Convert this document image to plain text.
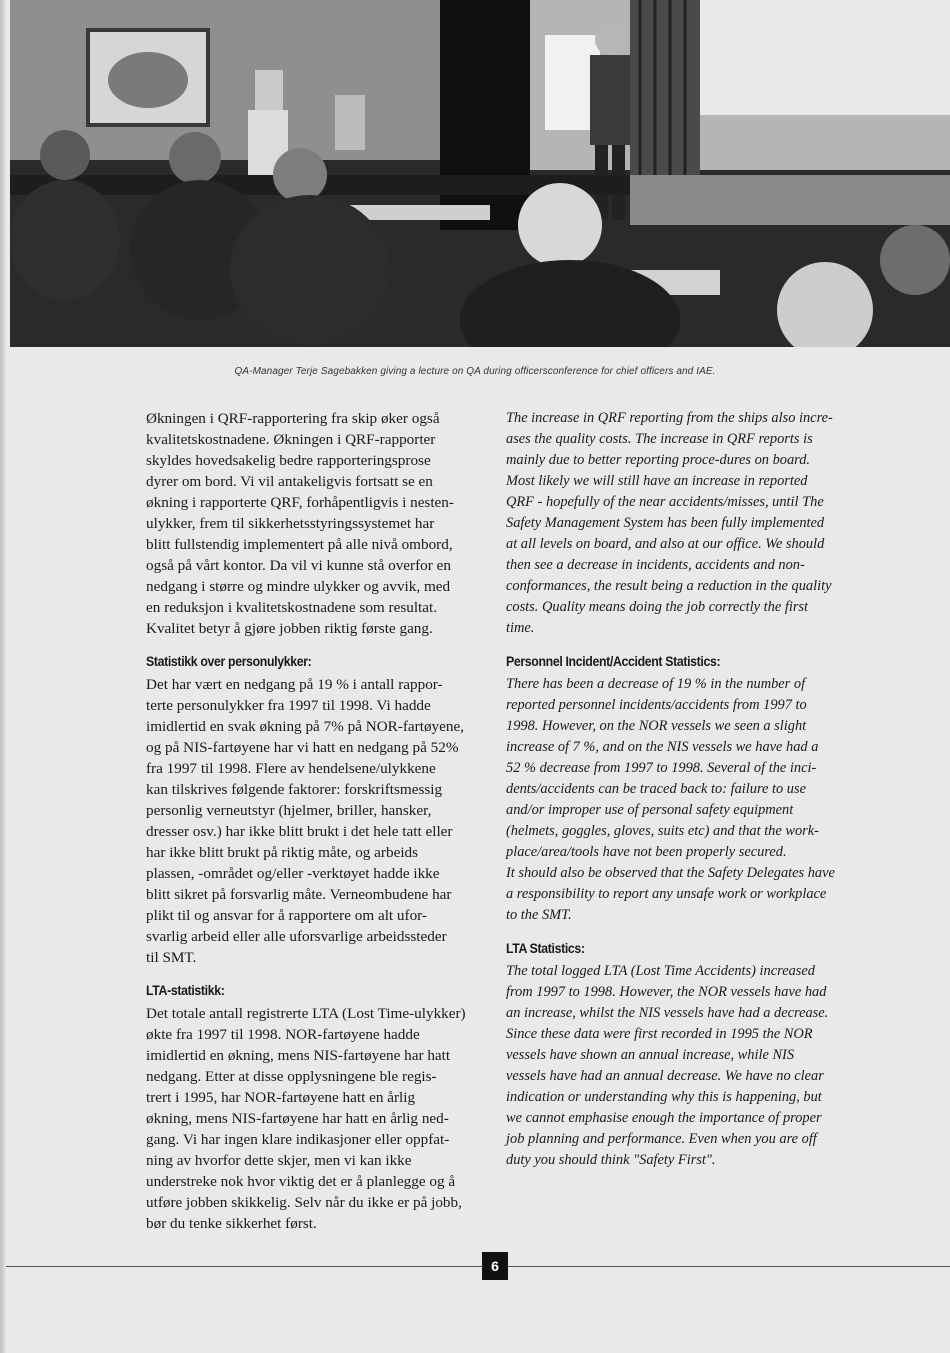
QA-Manager Terje Sagebakken giving a lecture on QA during officersconference for chief officers and IAE.

Økningen i QRF-rapportering fra skip øker også
kvalitetskostnadene. Økningen i QRF-rapporter
skyldes hovedsakelig bedre rapporteringsprose
dyrer om bord. Vi vil antakeligvis fortsatt se en
økning i rapporterte QRF, forhåpentligvis i nesten-
ulykker, frem til sikkerhetsstyringssystemet har
blitt fullstendig implementert på alle nivå ombord,
også på vårt kontor. Da vil vi kunne stå overfor en
nedgang i større og mindre ulykker og avvik, med
en reduksjon i kvalitetskostnadene som resultat.
Kvalitet betyr å gjøre jobben riktig første gang.

Statistikk over personulykker:

Det har vært en nedgang på 19 % i antall rappor-
terte personulykker fra 1997 til 1998. Vi hadde
imidlertid en svak økning på 7% på NOR-fartøyene,
og på NIS-fartøyene har vi hatt en nedgang på 52%
fra 1997 til 1998. Flere av hendelsene/ulykkene
kan tilskrives følgende faktorer: forskriftsmessig
personlig verneutstyr (hjelmer, briller, hansker,
dresser osv.) har ikke blitt brukt i det hele tatt eller
har ikke blitt brukt på riktig måte, og arbeids
plassen, -området og/eller -verktøyet hadde ikke
blitt sikret på forsvarlig måte. Verneombudene har
plikt til og ansvar for å rapportere om alt ufor-
svarlig arbeid eller alle uforsvarlige arbeidssteder
til SMT.

LTA-statistikk:

Det totale antall registrerte LTA (Lost Time-ulykker)
økte fra 1997 til 1998. NOR-fartøyene hadde
imidlertid en økning, mens NIS-fartøyene har hatt
nedgang. Etter at disse opplysningene ble regis-
trert i 1995, har NOR-fartøyene hatt en årlig
økning, mens NIS-fartøyene har hatt en årlig ned-
gang. Vi har ingen klare indikasjoner eller oppfat-
ning av hvorfor dette skjer, men vi kan ikke
understreke nok hvor viktig det er å planlegge og å
utføre jobben skikkelig. Selv når du ikke er på jobb,
bør du tenke sikkerhet først.

The increase in QRF reporting from the ships also incre-
ases the quality costs. The increase in QRF reports is
mainly due to better reporting proce-dures on board.
Most likely we will still have an increase in reported
QRF - hopefully of the near accidents/misses, until The
Safety Management System has been fully implemented
at all levels on board, and also at our office. We should
then see a decrease in incidents, accidents and non-
conformances, the result being a reduction in the quality
costs. Quality means doing the job correctly the first
time.

Personnel Incident/Accident Statistics:

There has been a decrease of 19 % in the number of
reported personnel incidents/accidents from 1997 to
1998. However, on the NOR vessels we seen a slight
increase of 7 %, and on the NIS vessels we have had a
52 % decrease from 1997 to 1998. Several of the inci-
dents/accidents can be traced back to: failure to use
and/or improper use of personal safety equipment
(helmets, goggles, gloves, suits etc) and that the work-
place/area/tools have not been properly secured.
It should also be observed that the Safety Delegates have
a responsibility to report any unsafe work or workplace
to the SMT.

LTA Statistics:

The total logged LTA (Lost Time Accidents) increased
from 1997 to 1998. However, the NOR vessels have had
an increase, whilst the NIS vessels have had a decrease.
Since these data were first recorded in 1995 the NOR
vessels have shown an annual increase, while NIS
vessels have had an annual decrease. We have no clear
indication or understanding why this is happening, but
we cannot emphasise enough the importance of proper
job planning and performance. Even when you are off
duty you should think "Safety First".

6
